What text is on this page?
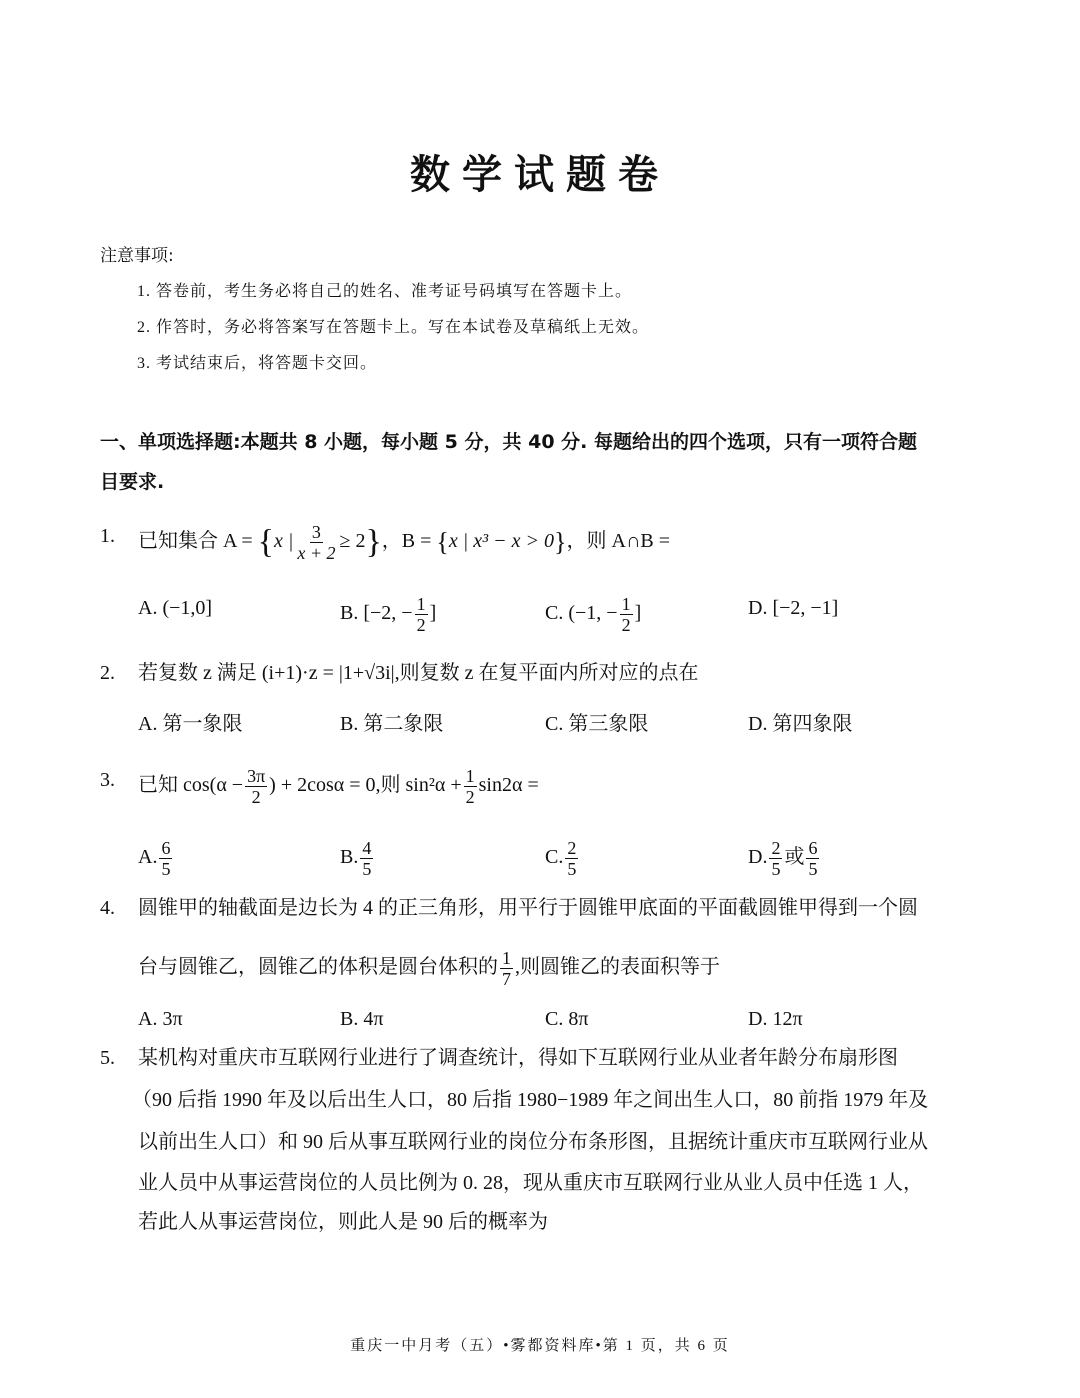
数学试题卷
注意事项:
1. 答卷前，考生务必将自己的姓名、准考证号码填写在答题卡上。
2. 作答时，务必将答案写在答题卡上。写在本试卷及草稿纸上无效。
3. 考试结束后，将答题卡交回。
一、单项选择题:本题共 8 小题，每小题 5 分，共 40 分. 每题给出的四个选项，只有一项符合题
目要求.
1. 已知集合 A = {x | $\frac{3}{x + 2} \ge 2$}，B = {x | x³ − x > 0}，则 A∩B =
A. (−1,0]	B. [−2, − $\frac{1}{2}$ ]	C. (−1, − $\frac{1}{2}$ ]	D. [−2, −1]
2. 若复数 z 满足 (i+1)·z = |1+√3i|,则复数 z 在复平面内所对应的点在
A. 第一象限	B. 第二象限	C. 第三象限	D. 第四象限
3. 已知 $\cos(\alpha - \frac{3\pi}{2}$ ) + 2cosα = 0,则 $\sin^2\alpha + \frac{1}{2} \sin 2\alpha$ =
A. $\frac{6}{5}$	B. $\frac{4}{5}$	C. $\frac{2}{5}$	D. $\frac{2}{5}$ 或 $\frac{6}{5}$
4. 圆锥甲的轴截面是边长为 4 的正三角形，用平行于圆锥甲底面的平面截圆锥甲得到一个圆
台与圆锥乙，圆锥乙的体积是圆台体积的 $\frac{1}{7}$ ,则圆锥乙的表面积等于
A. 3π	B. 4π	C. 8π	D. 12π
5. 某机构对重庆市互联网行业进行了调查统计，得如下互联网行业从业者年龄分布扇形图
（90 后指 1990 年及以后出生人口，80 后指 1980−1989 年之间出生人口，80 前指 1979 年及
以前出生人口）和 90 后从事互联网行业的岗位分布条形图，且据统计重庆市互联网行业从
业人员中从事运营岗位的人员比例为 0. 28，现从重庆市互联网行业从业人员中任选 1 人，
若此人从事运营岗位，则此人是 90 后的概率为
重庆一中月考（五）•雾都资料库•第 1 页，共 6 页
